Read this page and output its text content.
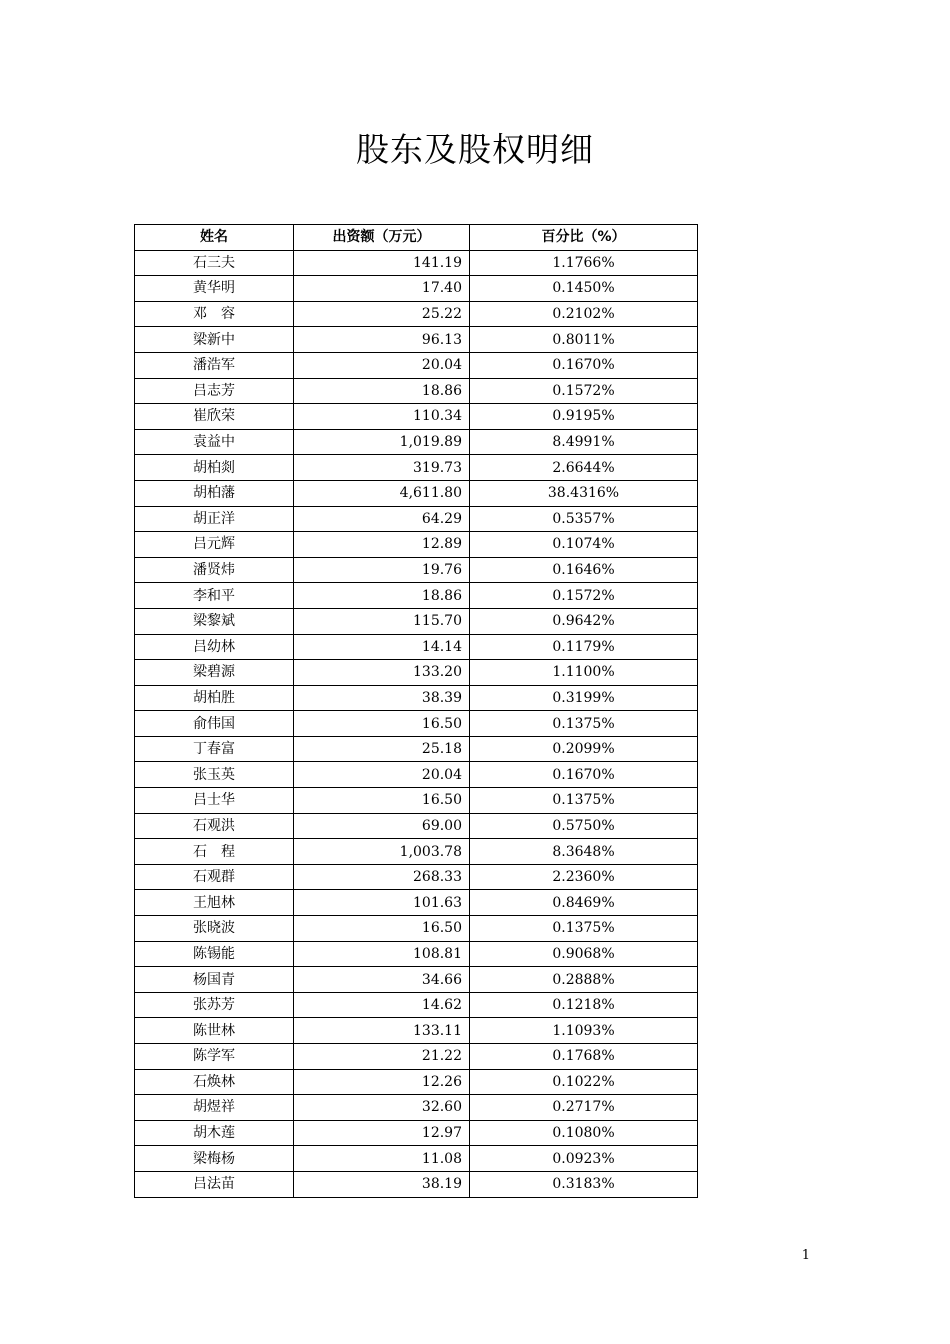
股东及股权明细
姓名	出资额（万元）	百分比（%）
石三夫	141.19	1.1766%
黄华明	17.40	0.1450%
邓　容	25.22	0.2102%
梁新中	96.13	0.8011%
潘浩军	20.04	0.1670%
吕志芳	18.86	0.1572%
崔欣荣	110.34	0.9195%
袁益中	1,019.89	8.4991%
胡柏剡	319.73	2.6644%
胡柏藩	4,611.80	38.4316%
胡正洋	64.29	0.5357%
吕元辉	12.89	0.1074%
潘贤炜	19.76	0.1646%
李和平	18.86	0.1572%
梁黎斌	115.70	0.9642%
吕幼林	14.14	0.1179%
梁碧源	133.20	1.1100%
胡柏胜	38.39	0.3199%
俞伟国	16.50	0.1375%
丁春富	25.18	0.2099%
张玉英	20.04	0.1670%
吕士华	16.50	0.1375%
石观洪	69.00	0.5750%
石　程	1,003.78	8.3648%
石观群	268.33	2.2360%
王旭林	101.63	0.8469%
张晓波	16.50	0.1375%
陈锡能	108.81	0.9068%
杨国青	34.66	0.2888%
张苏芳	14.62	0.1218%
陈世林	133.11	1.1093%
陈学军	21.22	0.1768%
石焕林	12.26	0.1022%
胡煜祥	32.60	0.2717%
胡木莲	12.97	0.1080%
梁梅杨	11.08	0.0923%
吕法苗	38.19	0.3183%
1
